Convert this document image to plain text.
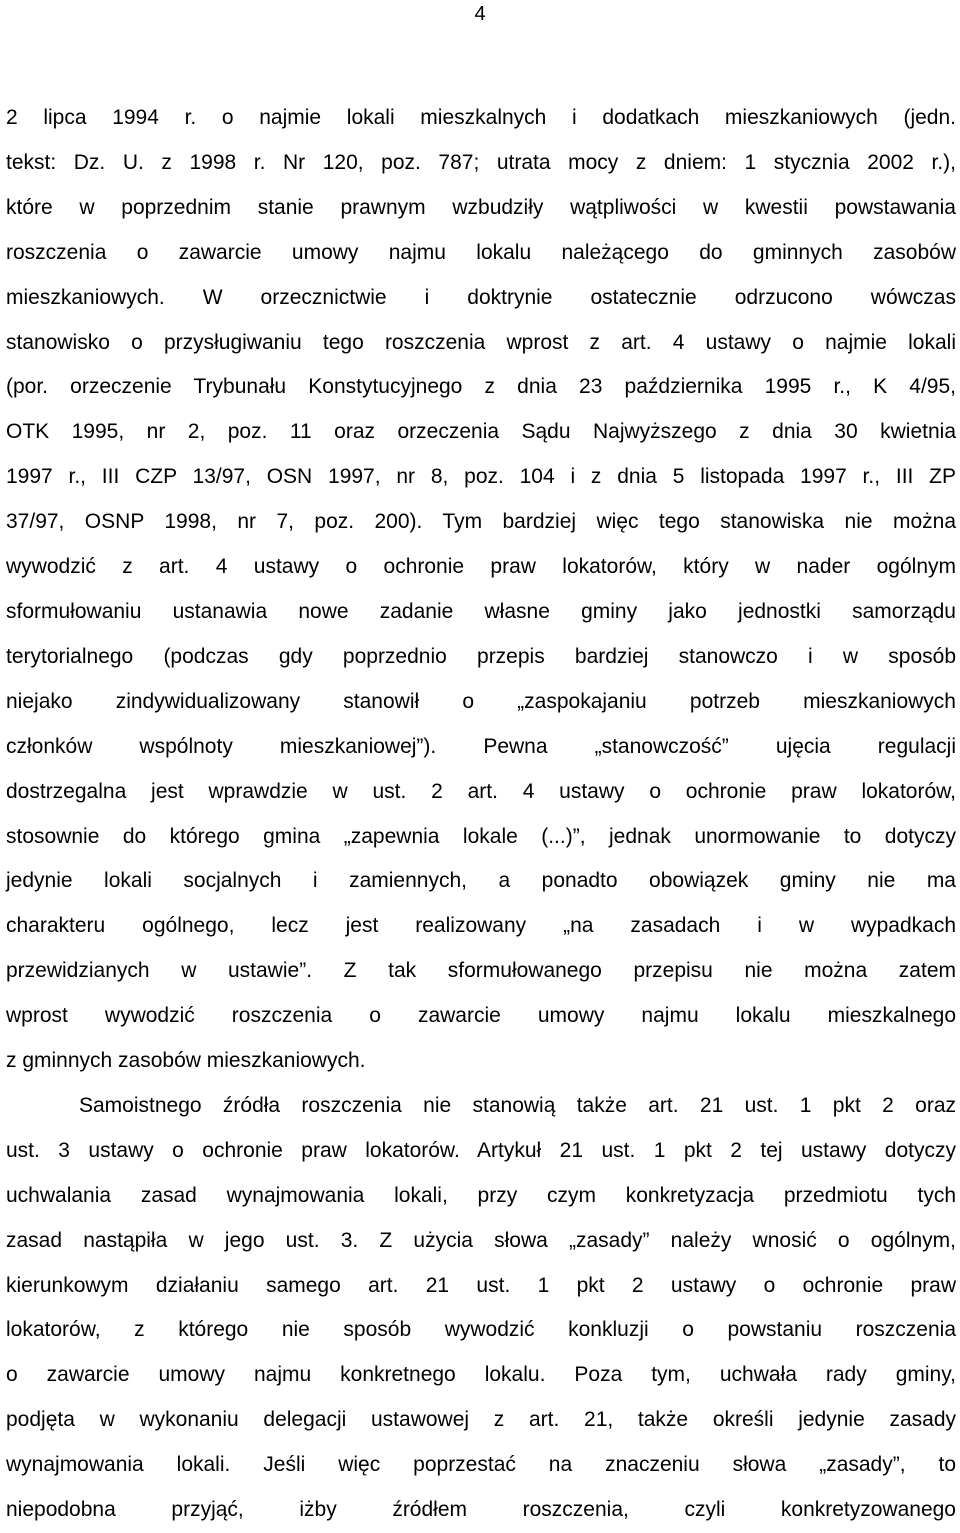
4
2 lipca 1994 r. o najmie lokali mieszkalnych i dodatkach mieszkaniowych (jedn.
tekst: Dz. U. z 1998 r. Nr 120, poz. 787; utrata mocy z dniem: 1 stycznia 2002 r.),
które w poprzednim stanie prawnym wzbudziły wątpliwości w kwestii powstawania
roszczenia o zawarcie umowy najmu lokalu należącego do gminnych zasobów
mieszkaniowych. W orzecznictwie i doktrynie ostatecznie odrzucono wówczas
stanowisko o przysługiwaniu tego roszczenia wprost z art. 4 ustawy o najmie lokali
(por. orzeczenie Trybunału Konstytucyjnego z dnia 23 października 1995 r., K 4/95,
OTK 1995, nr 2, poz. 11 oraz orzeczenia Sądu Najwyższego z dnia 30 kwietnia
1997 r., III CZP 13/97, OSN 1997, nr 8, poz. 104 i z dnia 5 listopada 1997 r., III ZP
37/97, OSNP 1998, nr 7, poz. 200). Tym bardziej więc tego stanowiska nie można
wywodzić z art. 4 ustawy o ochronie praw lokatorów, który w nader ogólnym
sformułowaniu ustanawia nowe zadanie własne gminy jako jednostki samorządu
terytorialnego (podczas gdy poprzednio przepis bardziej stanowczo i w sposób
niejako zindywidualizowany stanowił o „zaspokajaniu potrzeb mieszkaniowych
członków wspólnoty mieszkaniowej”). Pewna „stanowczość” ujęcia regulacji
dostrzegalna jest wprawdzie w ust. 2 art. 4 ustawy o ochronie praw lokatorów,
stosownie do którego gmina „zapewnia lokale (...)”, jednak unormowanie to dotyczy
jedynie lokali socjalnych i zamiennych, a ponadto obowiązek gminy nie ma
charakteru ogólnego, lecz jest realizowany „na zasadach i w wypadkach
przewidzianych w ustawie”. Z tak sformułowanego przepisu nie można zatem
wprost wywodzić roszczenia o zawarcie umowy najmu lokalu mieszkalnego
z gminnych zasobów mieszkaniowych.
Samoistnego źródła roszczenia nie stanowią także art. 21 ust. 1 pkt 2 oraz
ust. 3 ustawy o ochronie praw lokatorów. Artykuł 21 ust. 1 pkt 2 tej ustawy dotyczy
uchwalania zasad wynajmowania lokali, przy czym konkretyzacja przedmiotu tych
zasad nastąpiła w jego ust. 3. Z użycia słowa „zasady” należy wnosić o ogólnym,
kierunkowym działaniu samego art. 21 ust. 1 pkt 2 ustawy o ochronie praw
lokatorów, z którego nie sposób wywodzić konkluzji o powstaniu roszczenia
o zawarcie umowy najmu konkretnego lokalu. Poza tym, uchwała rady gminy,
podjęta w wykonaniu delegacji ustawowej z art. 21, także określi jedynie zasady
wynajmowania lokali. Jeśli więc poprzestać na znaczeniu słowa „zasady”, to
niepodobna przyjąć, iżby źródłem roszczenia, czyli konkretyzowanego
